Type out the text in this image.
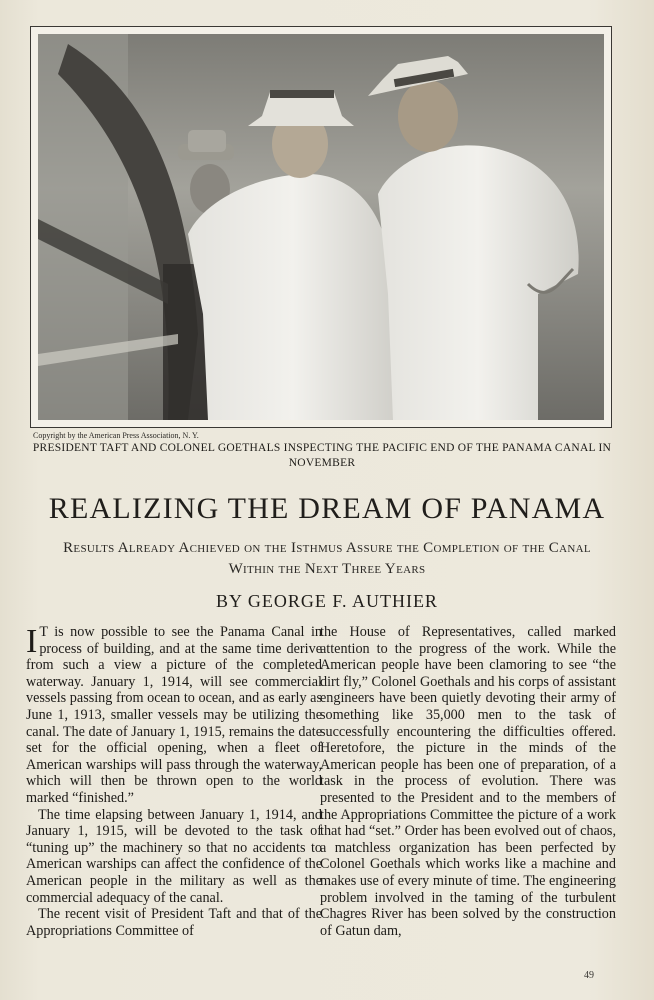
Copyright by the American Press Association, N. Y.
PRESIDENT TAFT AND COLONEL GOETHALS INSPECTING THE PACIFIC END OF THE PANAMA CANAL IN NOVEMBER
REALIZING THE DREAM OF PANAMA
Results Already Achieved on the Isthmus Assure the Completion of the Canal Within the Next Three Years
BY GEORGE F. AUTHIER

I T is now possible to see the Panama Canal in process of building, and at the same time derive from such a view a picture of the completed waterway. January 1, 1914, will see commercial vessels passing from ocean to ocean, and as early as June 1, 1913, smaller vessels may be utilizing the canal. The date of January 1, 1915, remains the date set for the official opening, when a fleet of American warships will pass through the waterway, which will then be thrown open to the world marked “finished.”

The time elapsing between January 1, 1914, and January 1, 1915, will be devoted to the task of “tuning up” the machinery so that no accidents to American warships can affect the confidence of the American people in the military as well as the commercial adequacy of the canal.

The recent visit of President Taft and that of the Appropriations Committee of

the House of Representatives, called marked attention to the progress of the work. While the American people have been clamoring to see “the dirt fly,” Colonel Goethals and his corps of assistant engineers have been quietly devoting their army of something like 35,000 men to the task of successfully encountering the difficulties offered. Heretofore, the picture in the minds of the American people has been one of preparation, of a task in the process of evolution. There was presented to the President and to the members of the Appropriations Committee the picture of a work that had “set.” Order has been evolved out of chaos, a matchless organization has been perfected by Colonel Goethals which works like a machine and makes use of every minute of time. The engineering problem involved in the taming of the turbulent Chagres River has been solved by the construction of Gatun dam,

49
